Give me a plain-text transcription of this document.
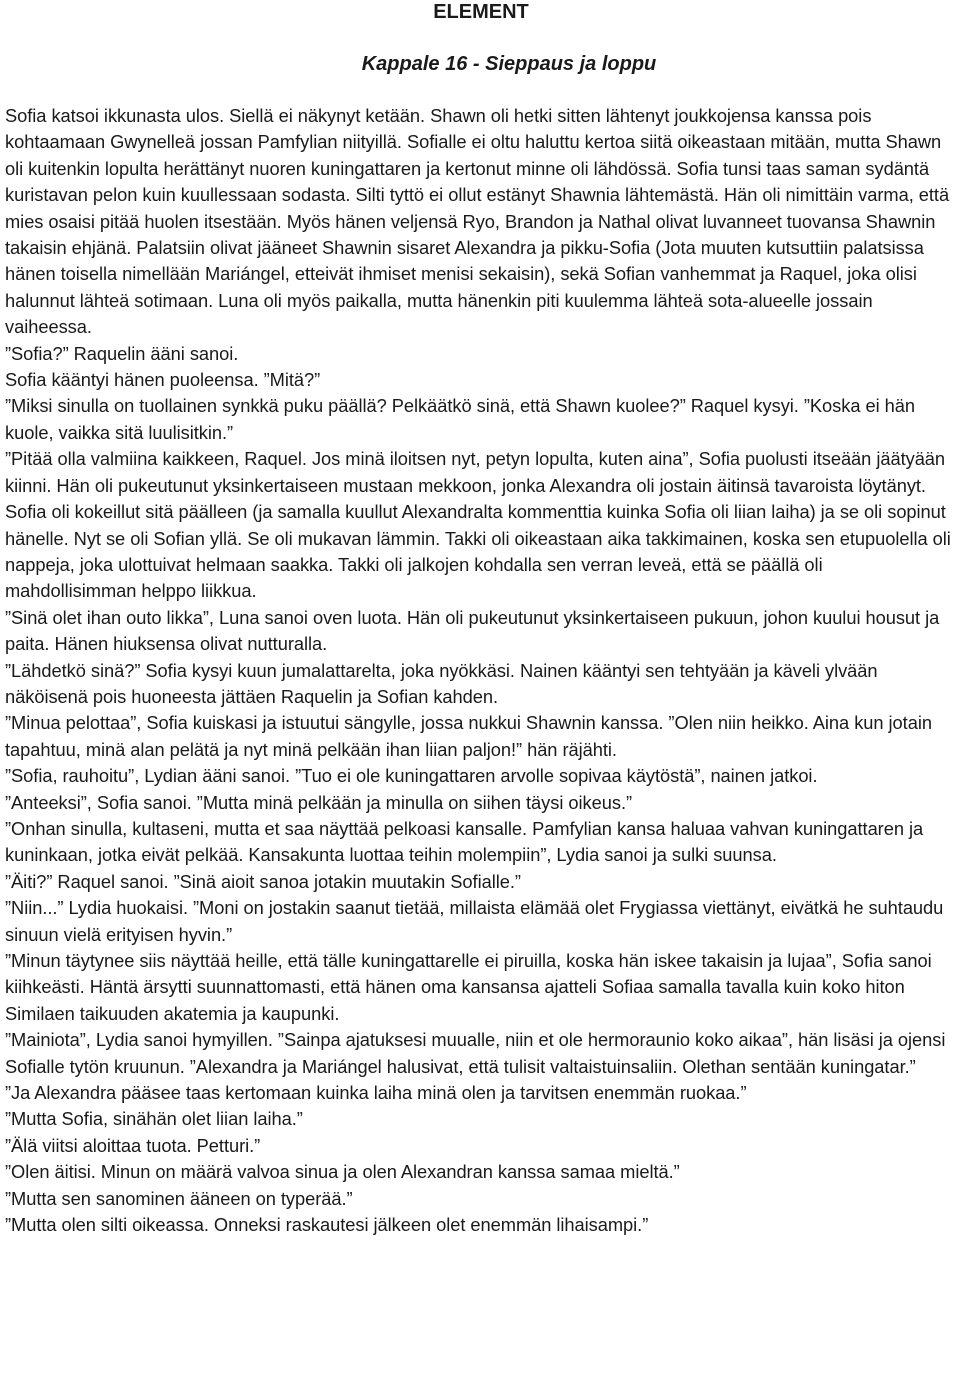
ELEMENT
Kappale 16 - Sieppaus ja loppu

Sofia katsoi ikkunasta ulos. Siellä ei näkynyt ketään. Shawn oli hetki sitten lähtenyt joukkojensa kanssa pois kohtaamaan Gwynelleä jossan Pamfylian niityillä. Sofialle ei oltu haluttu kertoa siitä oikeastaan mitään, mutta Shawn oli kuitenkin lopulta herättänyt nuoren kuningattaren ja kertonut minne oli lähdössä. Sofia tunsi taas saman sydäntä kuristavan pelon kuin kuullessaan sodasta. Silti tyttö ei ollut estänyt Shawnia lähtemästä. Hän oli nimittäin varma, että mies osaisi pitää huolen itsestään. Myös hänen veljensä Ryo, Brandon ja Nathal olivat luvanneet tuovansa Shawnin takaisin ehjänä. Palatsiin olivat jääneet Shawnin sisaret Alexandra ja pikku-Sofia (Jota muuten kutsuttiin palatsissa hänen toisella nimellään Mariángel, etteivät ihmiset menisi sekaisin), sekä Sofian vanhemmat ja Raquel, joka olisi halunnut lähteä sotimaan. Luna oli myös paikalla, mutta hänenkin piti kuulemma lähteä sota-alueelle jossain vaiheessa.

”Sofia?” Raquelin ääni sanoi.

Sofia kääntyi hänen puoleensa. ”Mitä?”

”Miksi sinulla on tuollainen synkkä puku päällä? Pelkäätkö sinä, että Shawn kuolee?” Raquel kysyi. ”Koska ei hän kuole, vaikka sitä luulisitkin.”

”Pitää olla valmiina kaikkeen, Raquel. Jos minä iloitsen nyt, petyn lopulta, kuten aina”, Sofia puolusti itseään jäätyään kiinni. Hän oli pukeutunut yksinkertaiseen mustaan mekkoon, jonka Alexandra oli jostain äitinsä tavaroista löytänyt. Sofia oli kokeillut sitä päälleen (ja samalla kuullut Alexandralta kommenttia kuinka Sofia oli liian laiha) ja se oli sopinut hänelle. Nyt se oli Sofian yllä. Se oli mukavan lämmin. Takki oli oikeastaan aika takkimainen, koska sen etupuolella oli nappeja, joka ulottuivat helmaan saakka. Takki oli jalkojen kohdalla sen verran leveä, että se päällä oli mahdollisimman helppo liikkua.

”Sinä olet ihan outo likka”, Luna sanoi oven luota. Hän oli pukeutunut yksinkertaiseen pukuun, johon kuului housut ja paita. Hänen hiuksensa olivat nutturalla.

”Lähdetkö sinä?” Sofia kysyi kuun jumalattarelta, joka nyökkäsi. Nainen kääntyi sen tehtyään ja käveli ylvään näköisenä pois huoneesta jättäen Raquelin ja Sofian kahden.

”Minua pelottaa”, Sofia kuiskasi ja istuutui sängylle, jossa nukkui Shawnin kanssa. ”Olen niin heikko. Aina kun jotain tapahtuu, minä alan pelätä ja nyt minä pelkään ihan liian paljon!” hän räjähti.

”Sofia, rauhoitu”, Lydian ääni sanoi. ”Tuo ei ole kuningattaren arvolle sopivaa käytöstä”, nainen jatkoi.

”Anteeksi”, Sofia sanoi. ”Mutta minä pelkään ja minulla on siihen täysi oikeus.”

”Onhan sinulla, kultaseni, mutta et saa näyttää pelkoasi kansalle. Pamfylian kansa haluaa vahvan kuningattaren ja kuninkaan, jotka eivät pelkää. Kansakunta luottaa teihin molempiin”, Lydia sanoi ja sulki suunsa.

”Äiti?” Raquel sanoi. ”Sinä aioit sanoa jotakin muutakin Sofialle.”

”Niin...” Lydia huokaisi. ”Moni on jostakin saanut tietää, millaista elämää olet Frygiassa viettänyt, eivätkä he suhtaudu sinuun vielä erityisen hyvin.”

”Minun täytynee siis näyttää heille, että tälle kuningattarelle ei piruilla, koska hän iskee takaisin ja lujaa”, Sofia sanoi kiihkeästi. Häntä ärsytti suunnattomasti, että hänen oma kansansa ajatteli Sofiaa samalla tavalla kuin koko hiton Similaen taikuuden akatemia ja kaupunki.

”Mainiota”, Lydia sanoi hymyillen. ”Sainpa ajatuksesi muualle, niin et ole hermoraunio koko aikaa”, hän lisäsi ja ojensi Sofialle tytön kruunun. ”Alexandra ja Mariángel halusivat, että tulisit valtaistuinsaliin. Olethan sentään kuningatar.”

”Ja Alexandra pääsee taas kertomaan kuinka laiha minä olen ja tarvitsen enemmän ruokaa.”

”Mutta Sofia, sinähän olet liian laiha.”

”Älä viitsi aloittaa tuota. Petturi.”

”Olen äitisi. Minun on määrä valvoa sinua ja olen Alexandran kanssa samaa mieltä.”

”Mutta sen sanominen ääneen on typerää.”

”Mutta olen silti oikeassa. Onneksi raskautesi jälkeen olet enemmän lihaisampi.”
